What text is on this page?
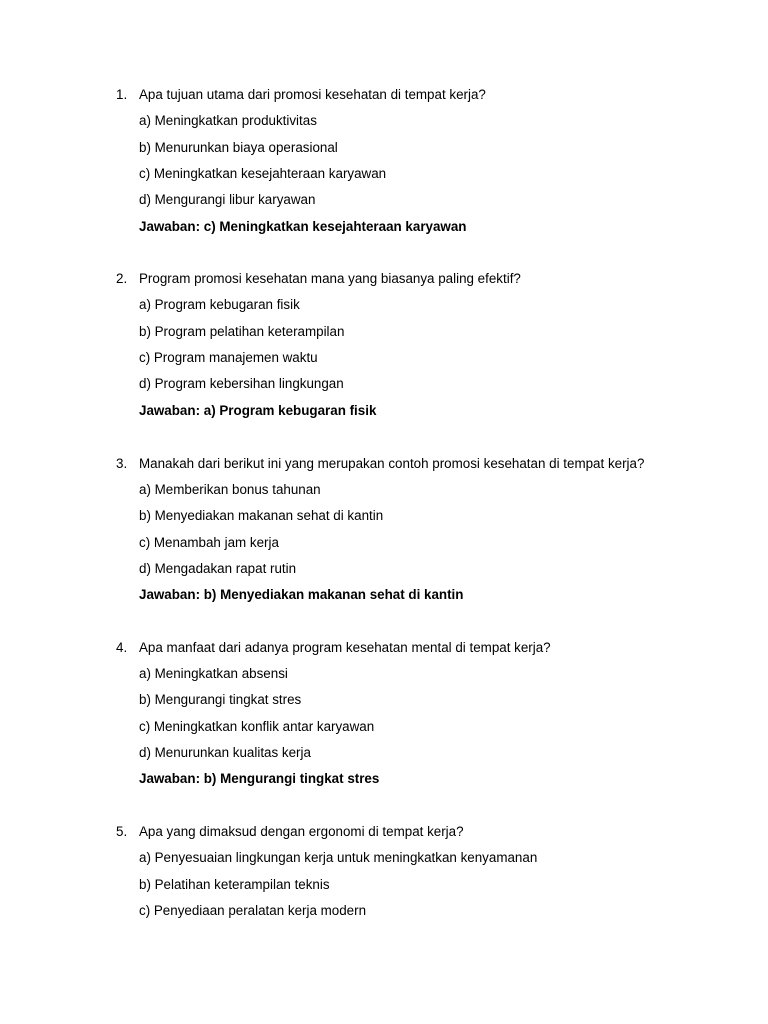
1. Apa tujuan utama dari promosi kesehatan di tempat kerja?
a) Meningkatkan produktivitas
b) Menurunkan biaya operasional
c) Meningkatkan kesejahteraan karyawan
d) Mengurangi libur karyawan
Jawaban: c) Meningkatkan kesejahteraan karyawan
2. Program promosi kesehatan mana yang biasanya paling efektif?
a) Program kebugaran fisik
b) Program pelatihan keterampilan
c) Program manajemen waktu
d) Program kebersihan lingkungan
Jawaban: a) Program kebugaran fisik
3. Manakah dari berikut ini yang merupakan contoh promosi kesehatan di tempat kerja?
a) Memberikan bonus tahunan
b) Menyediakan makanan sehat di kantin
c) Menambah jam kerja
d) Mengadakan rapat rutin
Jawaban: b) Menyediakan makanan sehat di kantin
4. Apa manfaat dari adanya program kesehatan mental di tempat kerja?
a) Meningkatkan absensi
b) Mengurangi tingkat stres
c) Meningkatkan konflik antar karyawan
d) Menurunkan kualitas kerja
Jawaban: b) Mengurangi tingkat stres
5. Apa yang dimaksud dengan ergonomi di tempat kerja?
a) Penyesuaian lingkungan kerja untuk meningkatkan kenyamanan
b) Pelatihan keterampilan teknis
c) Penyediaan peralatan kerja modern
